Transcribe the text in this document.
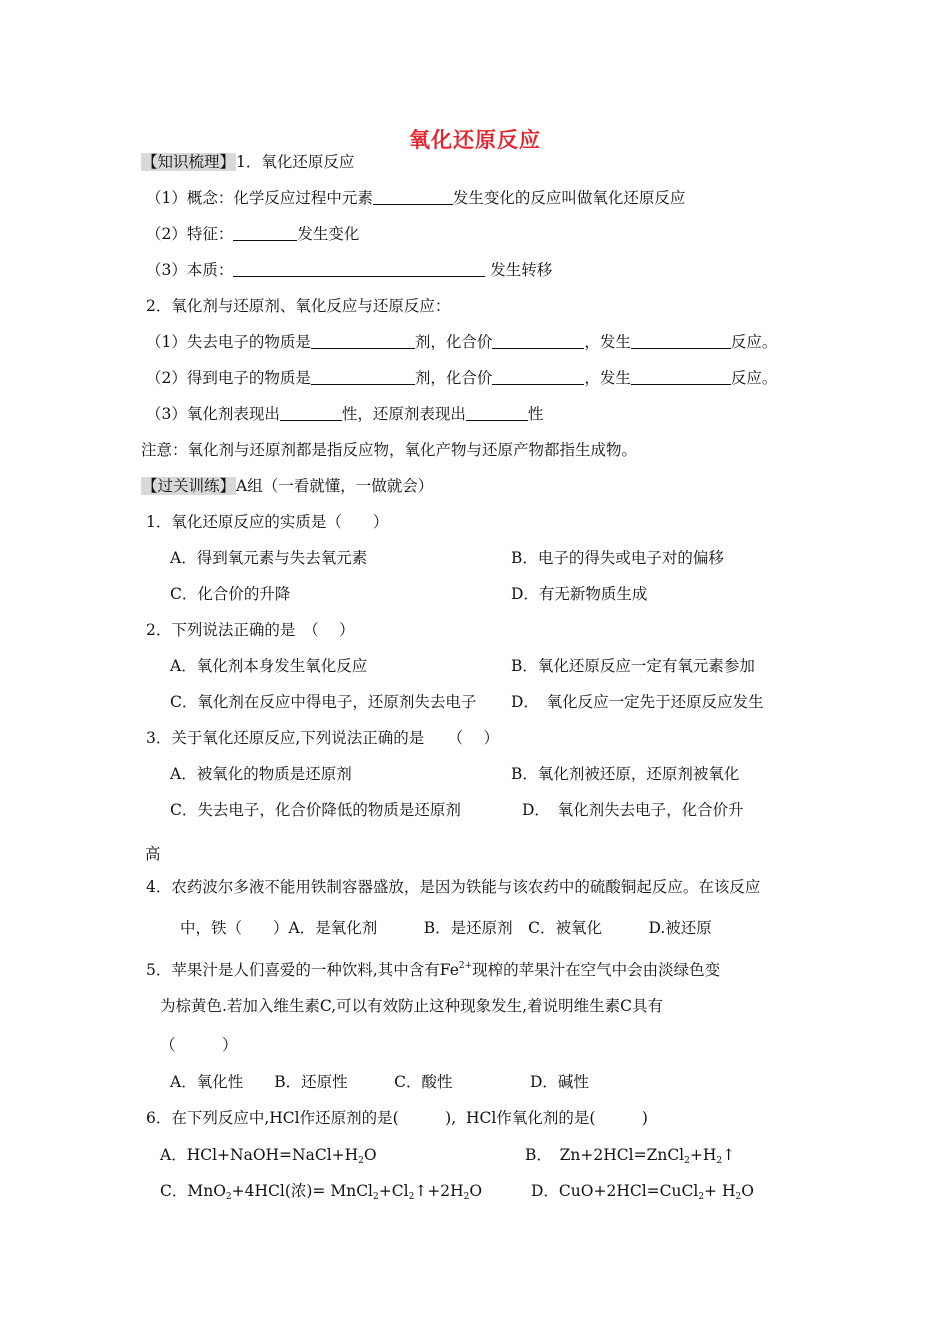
氧化还原反应
【知识梳理】1．氧化还原反应
（1）概念：化学反应过程中元素	发生变化的反应叫做氧化还原反应
（2）特征：	发生变化
（3）本质：	发生转移
2．氧化剂与还原剂、氧化反应与还原反应：
（1）失去电子的物质是	剂，化合价	，发生	反应。
（2）得到电子的物质是	剂，化合价	，发生	反应。
（3）氧化剂表现出	性，还原剂表现出	性
注意：氧化剂与还原剂都是指反应物，氧化产物与还原产物都指生成物。
【过关训练】A组（一看就懂，一做就会）
1．氧化还原反应的实质是（　　）
A．得到氧元素与失去氧元素	B．电子的得失或电子对的偏移
C．化合价的升降	D．有无新物质生成
2．下列说法正确的是　（　 ）
A．氧化剂本身发生氧化反应	B．氧化还原反应一定有氧元素参加
C．氧化剂在反应中得电子，还原剂失去电子 D．　氧化反应一定先于还原反应发生
3．关于氧化还原反应,下列说法正确的是　　（　 ）
A．被氧化的物质是还原剂	B．氧化剂被还原，还原剂被氧化
C．失去电子，化合价降低的物质是还原剂	D．　氧化剂失去电子，化合价升
高
4．农药波尔多液不能用铁制容器盛放，是因为铁能与该农药中的硫酸铜起反应。在该反应
中，铁（　　）A．是氧化剂　　　B．是还原剂　C．被氧化　　　D.被还原
5．苹果汁是人们喜爱的一种饮料,其中含有$Fe^{2+}$现榨的苹果汁在空气中会由淡绿色变
为棕黄色.若加入维生素C,可以有效防止这种现象发生,着说明维生素C具有
（　　　）
A．氧化性　　B．还原性　　　C．酸性　　　　　D．碱性
6．在下列反应中,HCl作还原剂的是(　　　),  HCl作氧化剂的是(　　　)
A．$HCl+NaOH=NaCl+H_2O$	B．　$Zn+2HCl=ZnCl_2+H_2↑$
C．MnO$_2$+4HCl(浓)= $MnCl_2+Cl_2↑+2H_2O$	D．CuO+2HCl=CuCl$_2$+ $H_2O$
